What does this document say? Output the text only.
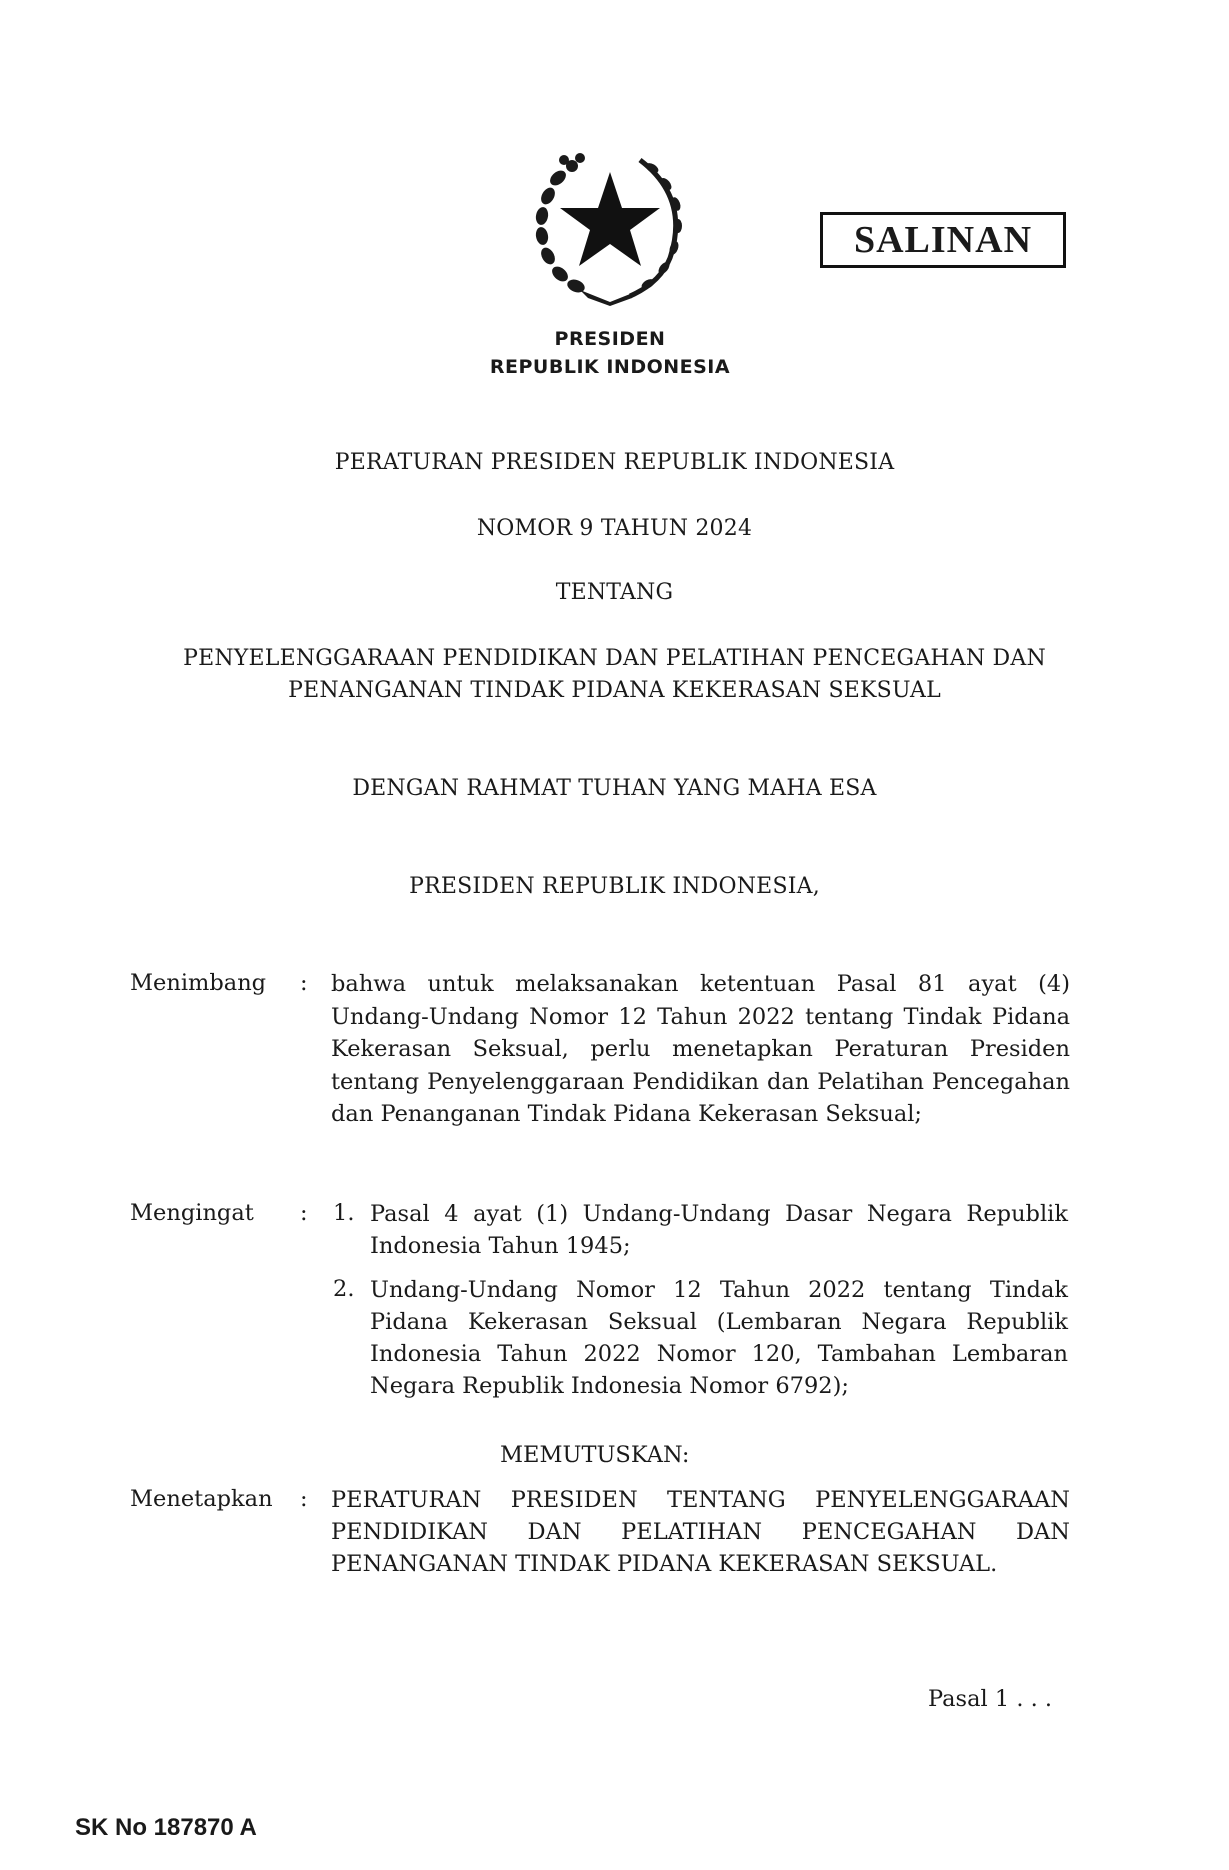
PRESIDEN
REPUBLIK INDONESIA
SALINAN
PERATURAN PRESIDEN REPUBLIK INDONESIA
NOMOR 9 TAHUN 2024
TENTANG
PENYELENGGARAAN PENDIDIKAN DAN PELATIHAN PENCEGAHAN DAN
PENANGANAN TINDAK PIDANA KEKERASAN SEKSUAL
DENGAN RAHMAT TUHAN YANG MAHA ESA
PRESIDEN REPUBLIK INDONESIA,
Menimbang : bahwa untuk melaksanakan ketentuan Pasal 81 ayat (4) Undang-Undang Nomor 12 Tahun 2022 tentang Tindak Pidana Kekerasan Seksual, perlu menetapkan Peraturan Presiden tentang Penyelenggaraan Pendidikan dan Pelatihan Pencegahan dan Penanganan Tindak Pidana Kekerasan Seksual;
Mengingat : 1. Pasal 4 ayat (1) Undang-Undang Dasar Negara Republik Indonesia Tahun 1945;
2. Undang-Undang Nomor 12 Tahun 2022 tentang Tindak Pidana Kekerasan Seksual (Lembaran Negara Republik Indonesia Tahun 2022 Nomor 120, Tambahan Lembaran Negara Republik Indonesia Nomor 6792);
MEMUTUSKAN:
Menetapkan : PERATURAN PRESIDEN TENTANG PENYELENGGARAAN PENDIDIKAN DAN PELATIHAN PENCEGAHAN DAN PENANGANAN TINDAK PIDANA KEKERASAN SEKSUAL.
Pasal 1 . . .
SK No 187870 A
